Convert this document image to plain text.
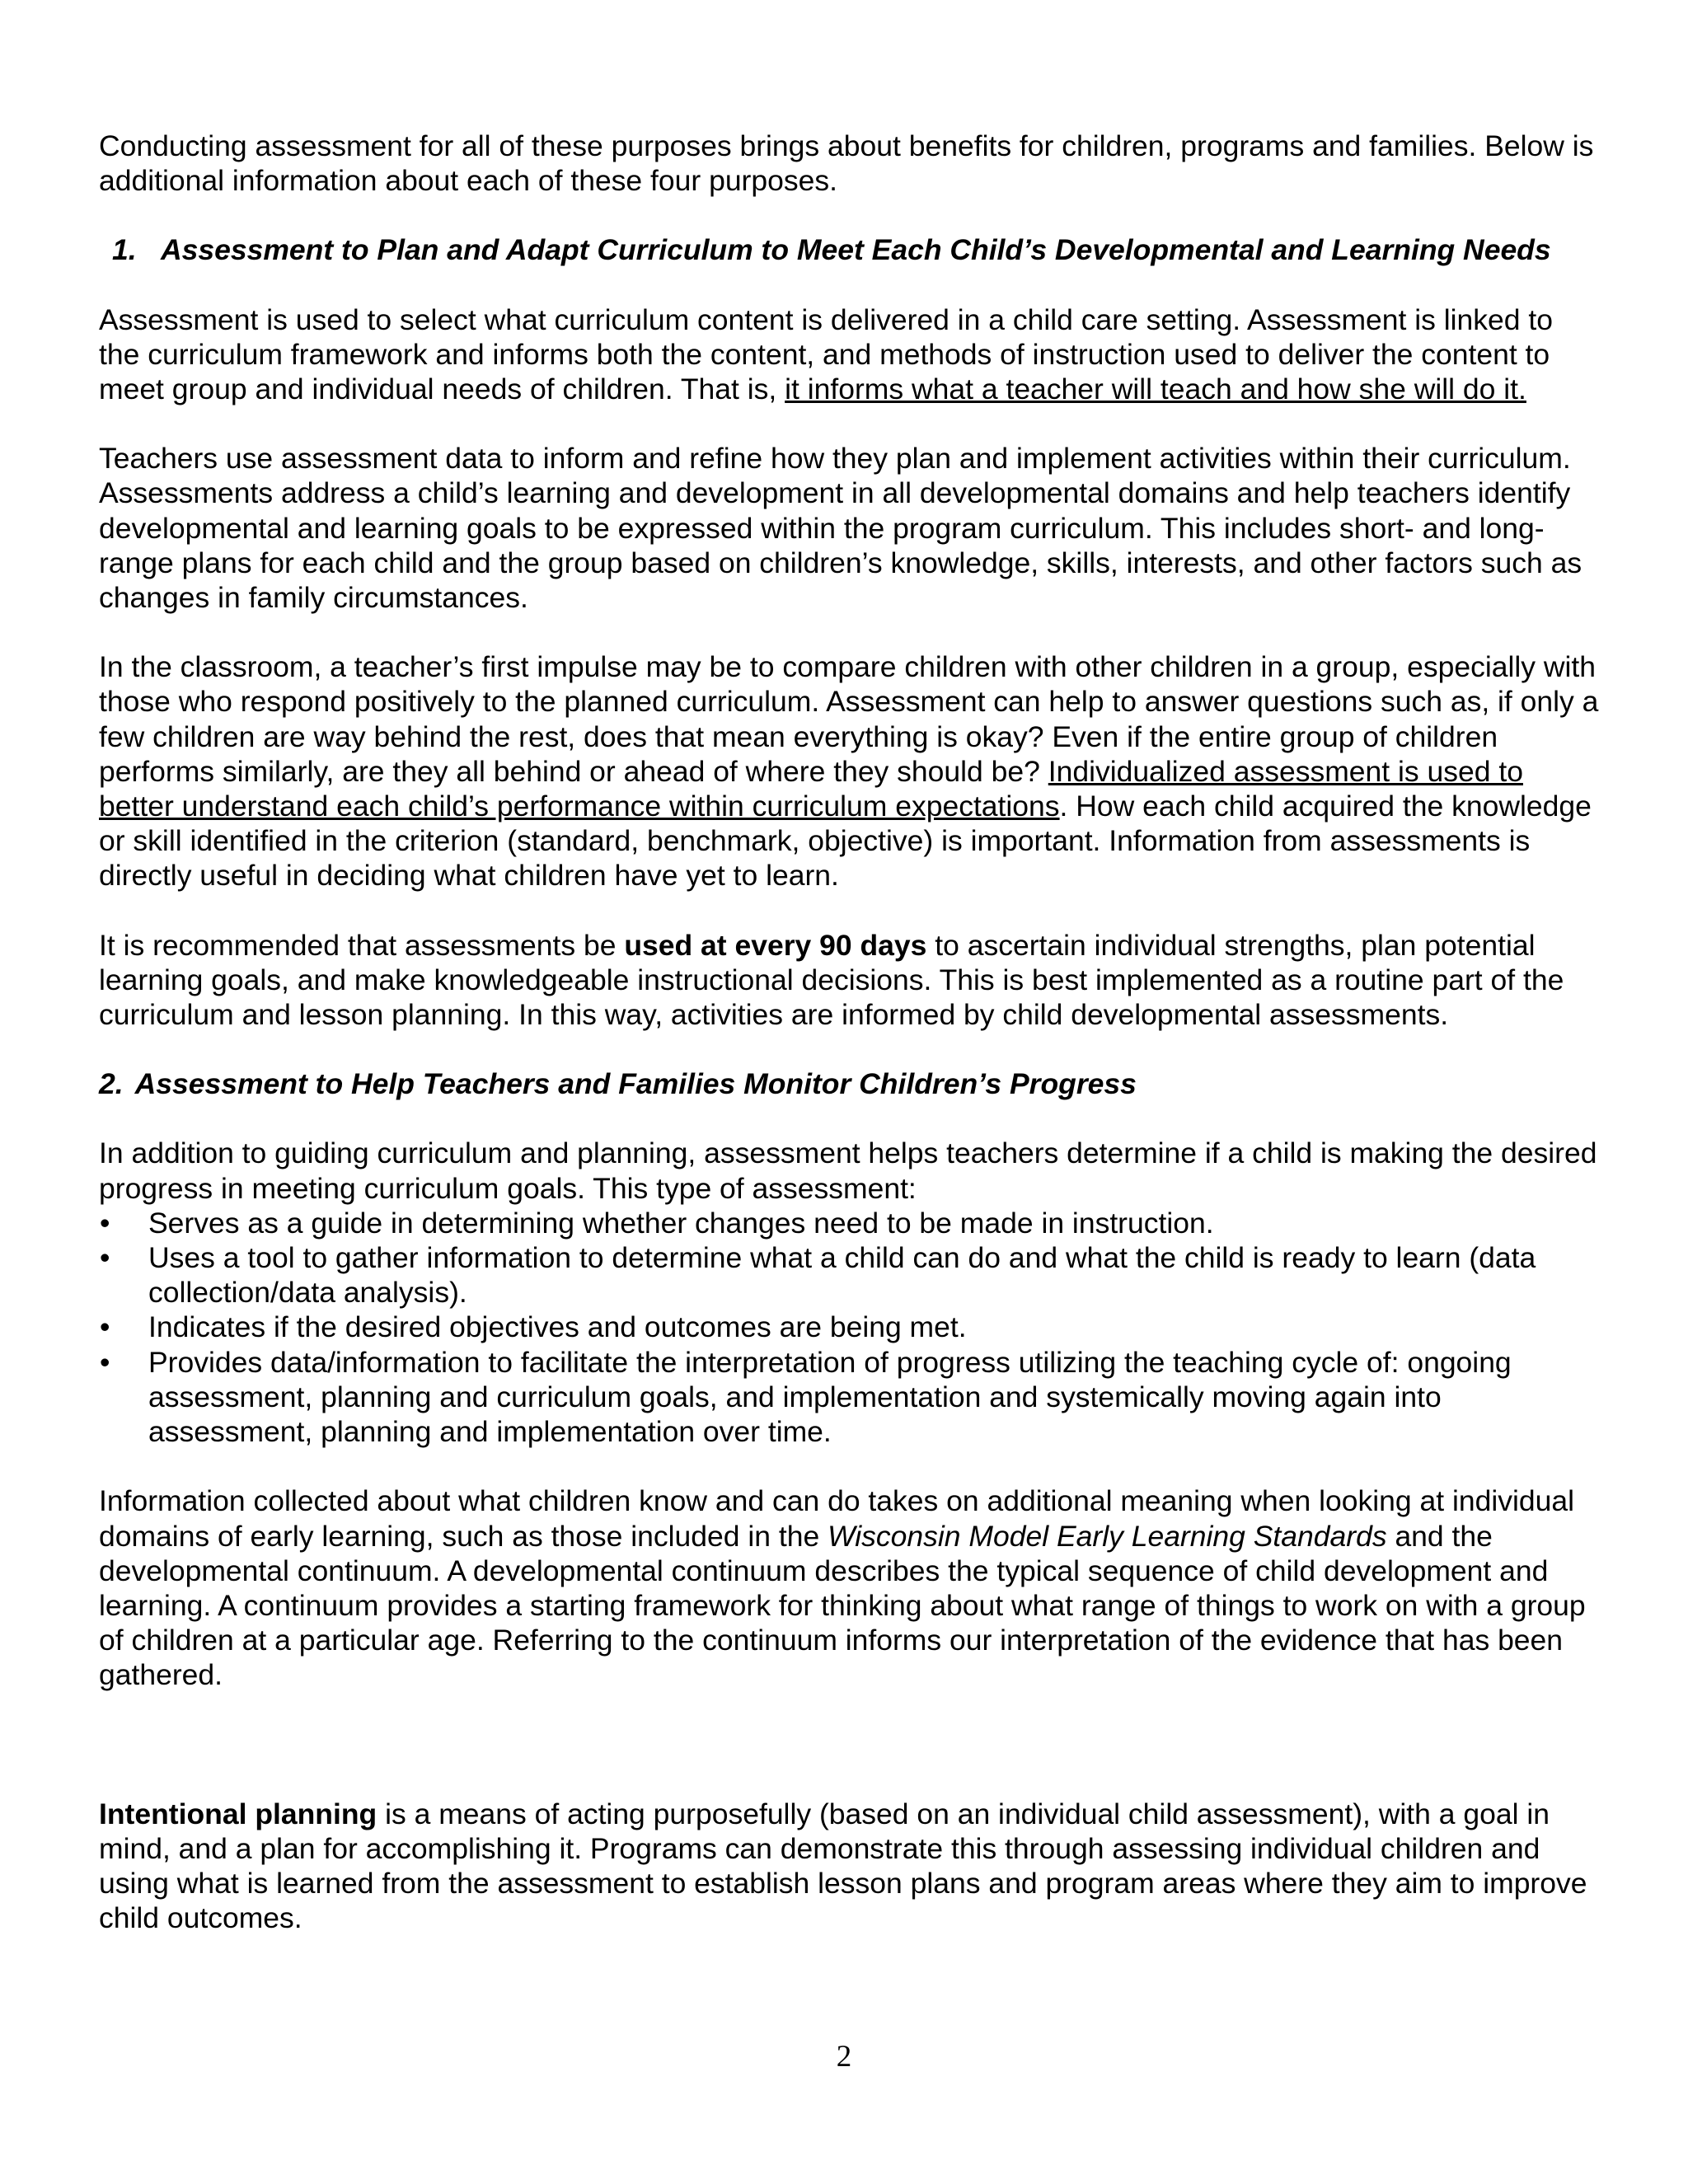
Conducting assessment for all of these purposes brings about benefits for children, programs and families. Below is additional information about each of these four purposes.

1. Assessment to Plan and Adapt Curriculum to Meet Each Child’s Developmental and Learning Needs

Assessment is used to select what curriculum content is delivered in a child care setting. Assessment is linked to the curriculum framework and informs both the content, and methods of instruction used to deliver the content to meet group and individual needs of children. That is, it informs what a teacher will teach and how she will do it.

Teachers use assessment data to inform and refine how they plan and implement activities within their curriculum. Assessments address a child’s learning and development in all developmental domains and help teachers identify developmental and learning goals to be expressed within the program curriculum. This includes short- and long-range plans for each child and the group based on children’s knowledge, skills, interests, and other factors such as changes in family circumstances.

In the classroom, a teacher’s first impulse may be to compare children with other children in a group, especially with those who respond positively to the planned curriculum. Assessment can help to answer questions such as, if only a few children are way behind the rest, does that mean everything is okay? Even if the entire group of children performs similarly, are they all behind or ahead of where they should be? Individualized assessment is used to better understand each child’s performance within curriculum expectations. How each child acquired the knowledge or skill identified in the criterion (standard, benchmark, objective) is important. Information from assessments is directly useful in deciding what children have yet to learn.

It is recommended that assessments be used at every 90 days to ascertain individual strengths, plan potential learning goals, and make knowledgeable instructional decisions. This is best implemented as a routine part of the curriculum and lesson planning. In this way, activities are informed by child developmental assessments.

2. Assessment to Help Teachers and Families Monitor Children’s Progress
In addition to guiding curriculum and planning, assessment helps teachers determine if a child is making the desired progress in meeting curriculum goals. This type of assessment:
• Serves as a guide in determining whether changes need to be made in instruction.
• Uses a tool to gather information to determine what a child can do and what the child is ready to learn (data collection/data analysis).
• Indicates if the desired objectives and outcomes are being met.
• Provides data/information to facilitate the interpretation of progress utilizing the teaching cycle of: ongoing assessment, planning and curriculum goals, and implementation and systemically moving again into assessment, planning and implementation over time.

Information collected about what children know and can do takes on additional meaning when looking at individual domains of early learning, such as those included in the Wisconsin Model Early Learning Standards and the developmental continuum. A developmental continuum describes the typical sequence of child development and learning. A continuum provides a starting framework for thinking about what range of things to work on with a group of children at a particular age. Referring to the continuum informs our interpretation of the evidence that has been gathered.

Intentional planning is a means of acting purposefully (based on an individual child assessment), with a goal in mind, and a plan for accomplishing it. Programs can demonstrate this through assessing individual children and using what is learned from the assessment to establish lesson plans and program areas where they aim to improve child outcomes.

2
